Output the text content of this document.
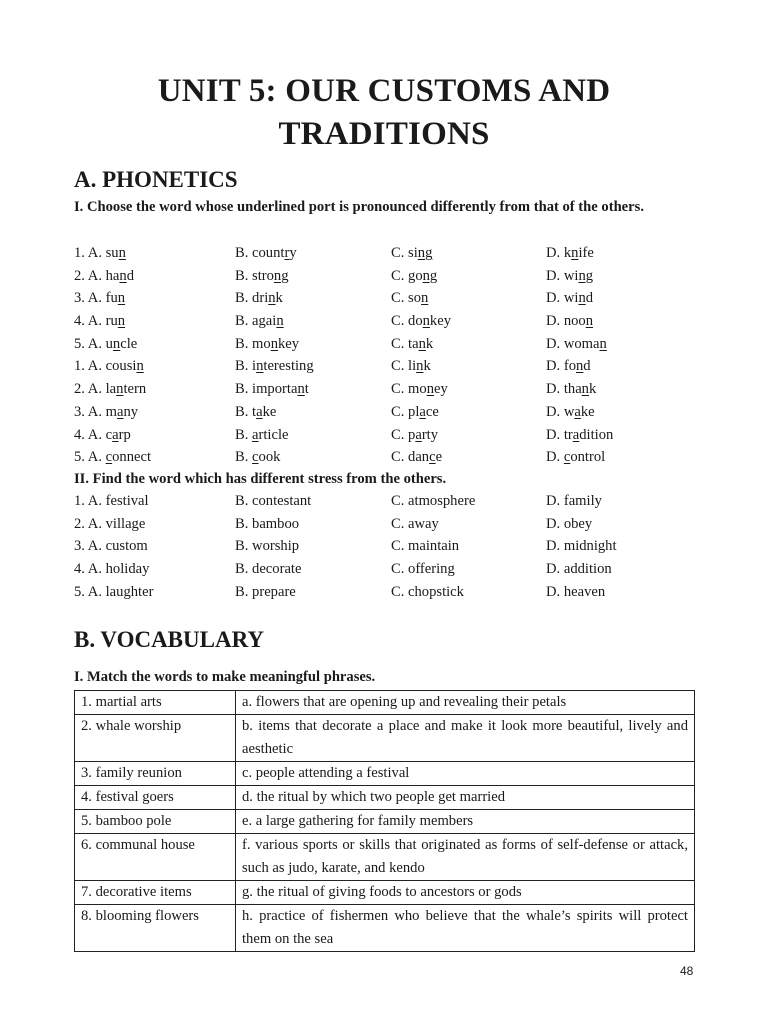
UNIT 5: OUR CUSTOMS AND TRADITIONS
A. PHONETICS
I. Choose the word whose underlined port is pronounced differently from that of the others.
1. A. sun	B. country	C. sing	D. knife
2. A. hand	B. strong	C. gong	D. wing
3. A. fun	B. drink	C. son	D. wind
4. A. run	B. again	C. donkey	D. noon
5. A. uncle	B. monkey	C. tank	D. woman
1. A. cousin	B. interesting	C. link	D. fond
2. A. lantern	B. important	C. money	D. thank
3. A. many	B. take	C. place	D. wake
4. A. carp	B. article	C. party	D. tradition
5. A. connect	B. cook	C. dance	D. control
II. Find the word which has different stress from the others.
1. A. festival	B. contestant	C. atmosphere	D. family
2. A. village	B. bamboo	C. away	D. obey
3. A. custom	B. worship	C. maintain	D. midnight
4. A. holiday	B. decorate	C. offering	D. addition
5. A. laughter	B. prepare	C. chopstick	D. heaven
B. VOCABULARY
I. Match the words to make meaningful phrases.
1. martial arts	a. flowers that are opening up and revealing their petals
2. whale worship	b. items that decorate a place and make it look more beautiful, lively and aesthetic
3. family reunion	c. people attending a festival
4. festival goers	d. the ritual by which two people get married
5. bamboo pole	e. a large gathering for family members
6. communal house	f. various sports or skills that originated as forms of self-defense or attack, such as judo, karate, and kendo
7. decorative items	g. the ritual of giving foods to ancestors or gods
8. blooming flowers	h. practice of fishermen who believe that the whale’s spirits will protect them on the sea
48
